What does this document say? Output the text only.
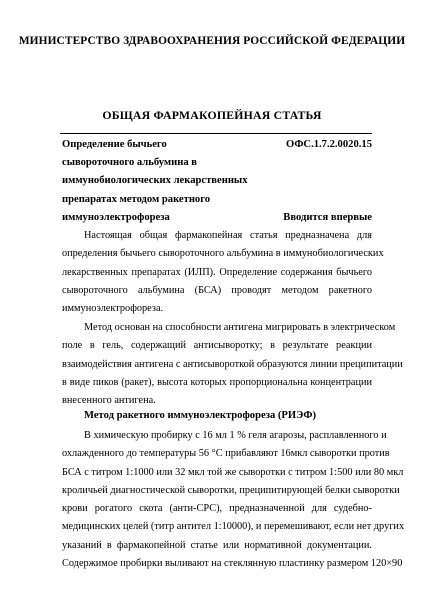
МИНИСТЕРСТВО ЗДРАВООХРАНЕНИЯ РОССИЙСКОЙ ФЕДЕРАЦИИ
ОБЩАЯ ФАРМАКОПЕЙНАЯ СТАТЬЯ
Определение бычьего
сывороточного альбумина в
иммунобиологических лекарственных
препаратах методом ракетного
иммуноэлектрофореза
ОФС.1.7.2.0020.15
Вводится впервые
Настоящая общая фармакопейная статья предназначена для
определения бычьего сывороточного альбумина в иммунобиологических
лекарственных препаратах (ИЛП). Определение содержания бычьего
сывороточного альбумина (БСА) проводят методом ракетного
иммуноэлектрофореза.
Метод основан на способности антигена мигрировать в электрическом
поле в гель, содержащий антисыворотку; в результате реакции
взаимодействия антигена с антисывороткой образуются линии преципитации
в виде пиков (ракет), высота которых пропорциональна концентрации
внесенного антигена.
Метод ракетного иммуноэлектрофореза (РИЭФ)
В химическую пробирку с 16 мл 1 % геля агарозы, расплавленного и
охлажденного до температуры 56 °С прибавляют 16мкл сыворотки против
БСА с титром 1:1000 или 32 мкл той же сыворотки с титром 1:500 или 80 мкл
кроличьей диагностической сыворотки, преципитирующей белки сыворотки
крови рогатого скота (анти-СРС), предназначенной для судебно-
медицинских целей (титр антител 1:10000), и перемешивают, если нет других
указаний в фармакопейной статье или нормативной документации.
Содержимое пробирки выливают на стеклянную пластинку размером 120×90
